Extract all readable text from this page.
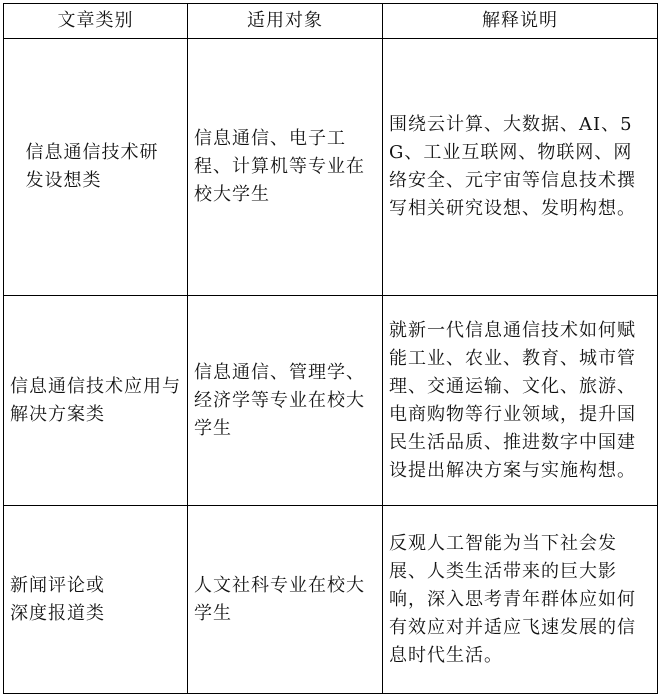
文章类别	适用对象	解释说明
信息通信技术研发设想类	信息通信、电子工程、计算机等专业在校大学生	围绕云计算、大数据、AI、5G、工业互联网、物联网、网络安全、元宇宙等信息技术撰写相关研究设想、发明构想。
信息通信技术应用与解决方案类	信息通信、管理学、经济学等专业在校大学生	就新一代信息通信技术如何赋能工业、农业、教育、城市管理、交通运输、文化、旅游、电商购物等行业领域，提升国民生活品质、推进数字中国建设提出解决方案与实施构想。
新闻评论或深度报道类	人文社科专业在校大学生	反观人工智能为当下社会发展、人类生活带来的巨大影响，深入思考青年群体应如何有效应对并适应飞速发展的信息时代生活。
